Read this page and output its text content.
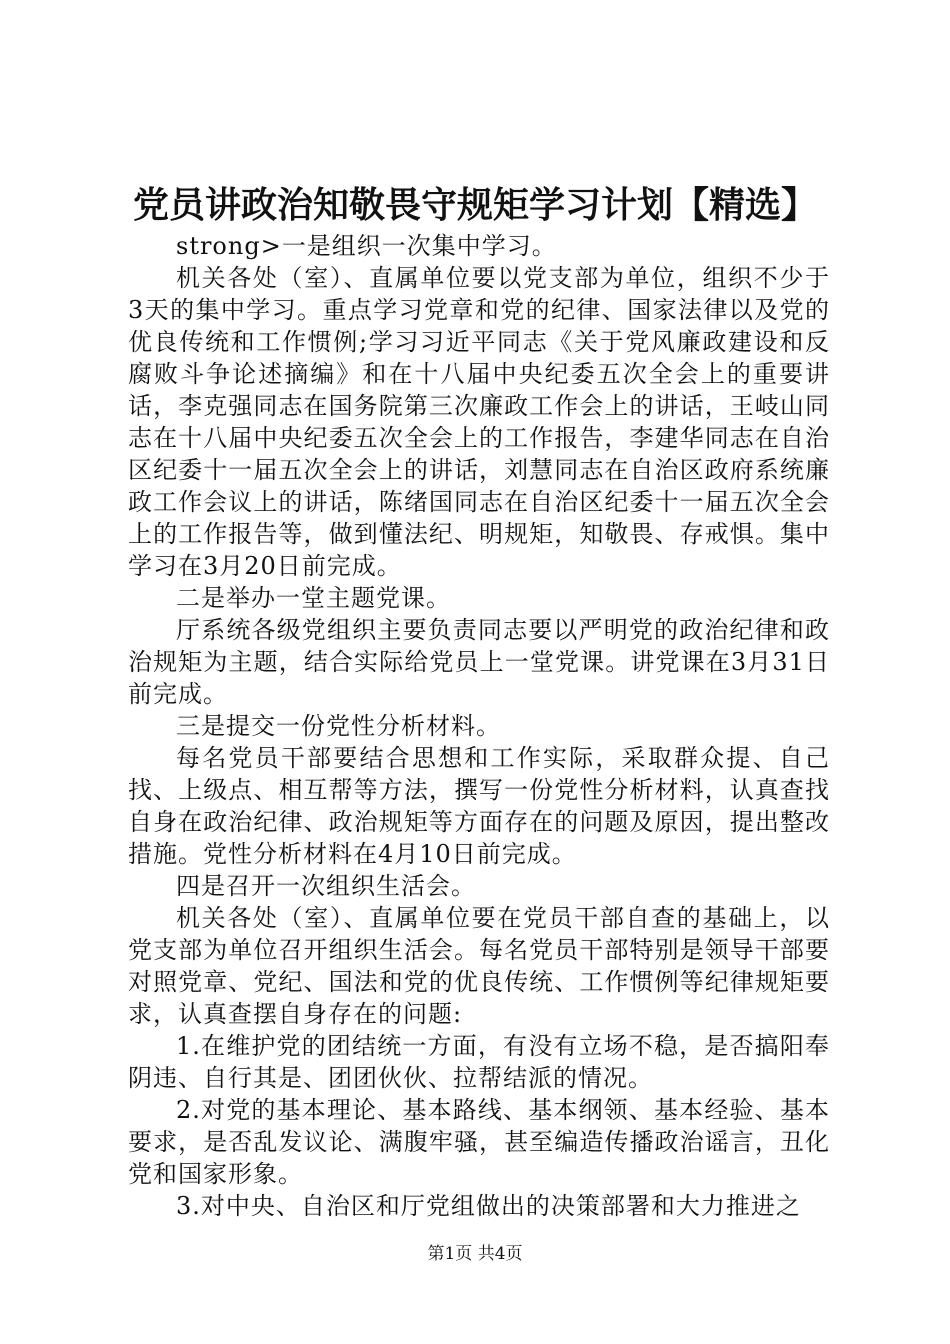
党员讲政治知敬畏守规矩学习计划【精选】

strong>一是组织一次集中学习。

机关各处（室）、直属单位要以党支部为单位，组织不少于3天的集中学习。重点学习党章和党的纪律、国家法律以及党的优良传统和工作惯例;学习习近平同志《关于党风廉政建设和反腐败斗争论述摘编》和在十八届中央纪委五次全会上的重要讲话，李克强同志在国务院第三次廉政工作会上的讲话，王岐山同志在十八届中央纪委五次全会上的工作报告，李建华同志在自治区纪委十一届五次全会上的讲话，刘慧同志在自治区政府系统廉政工作会议上的讲话，陈绪国同志在自治区纪委十一届五次全会上的工作报告等，做到懂法纪、明规矩，知敬畏、存戒惧。集中学习在3月20日前完成。

二是举办一堂主题党课。

厅系统各级党组织主要负责同志要以严明党的政治纪律和政治规矩为主题，结合实际给党员上一堂党课。讲党课在3月31日前完成。

三是提交一份党性分析材料。

每名党员干部要结合思想和工作实际，采取群众提、自己找、上级点、相互帮等方法，撰写一份党性分析材料，认真查找自身在政治纪律、政治规矩等方面存在的问题及原因，提出整改措施。党性分析材料在4月10日前完成。

四是召开一次组织生活会。

机关各处（室）、直属单位要在党员干部自查的基础上，以党支部为单位召开组织生活会。每名党员干部特别是领导干部要对照党章、党纪、国法和党的优良传统、工作惯例等纪律规矩要求，认真查摆自身存在的问题:

1.在维护党的团结统一方面，有没有立场不稳，是否搞阳奉阴违、自行其是、团团伙伙、拉帮结派的情况。

2.对党的基本理论、基本路线、基本纲领、基本经验、基本要求，是否乱发议论、满腹牢骚，甚至编造传播政治谣言，丑化党和国家形象。

3.对中央、自治区和厅党组做出的决策部署和大力推进之

第1页 共4页
